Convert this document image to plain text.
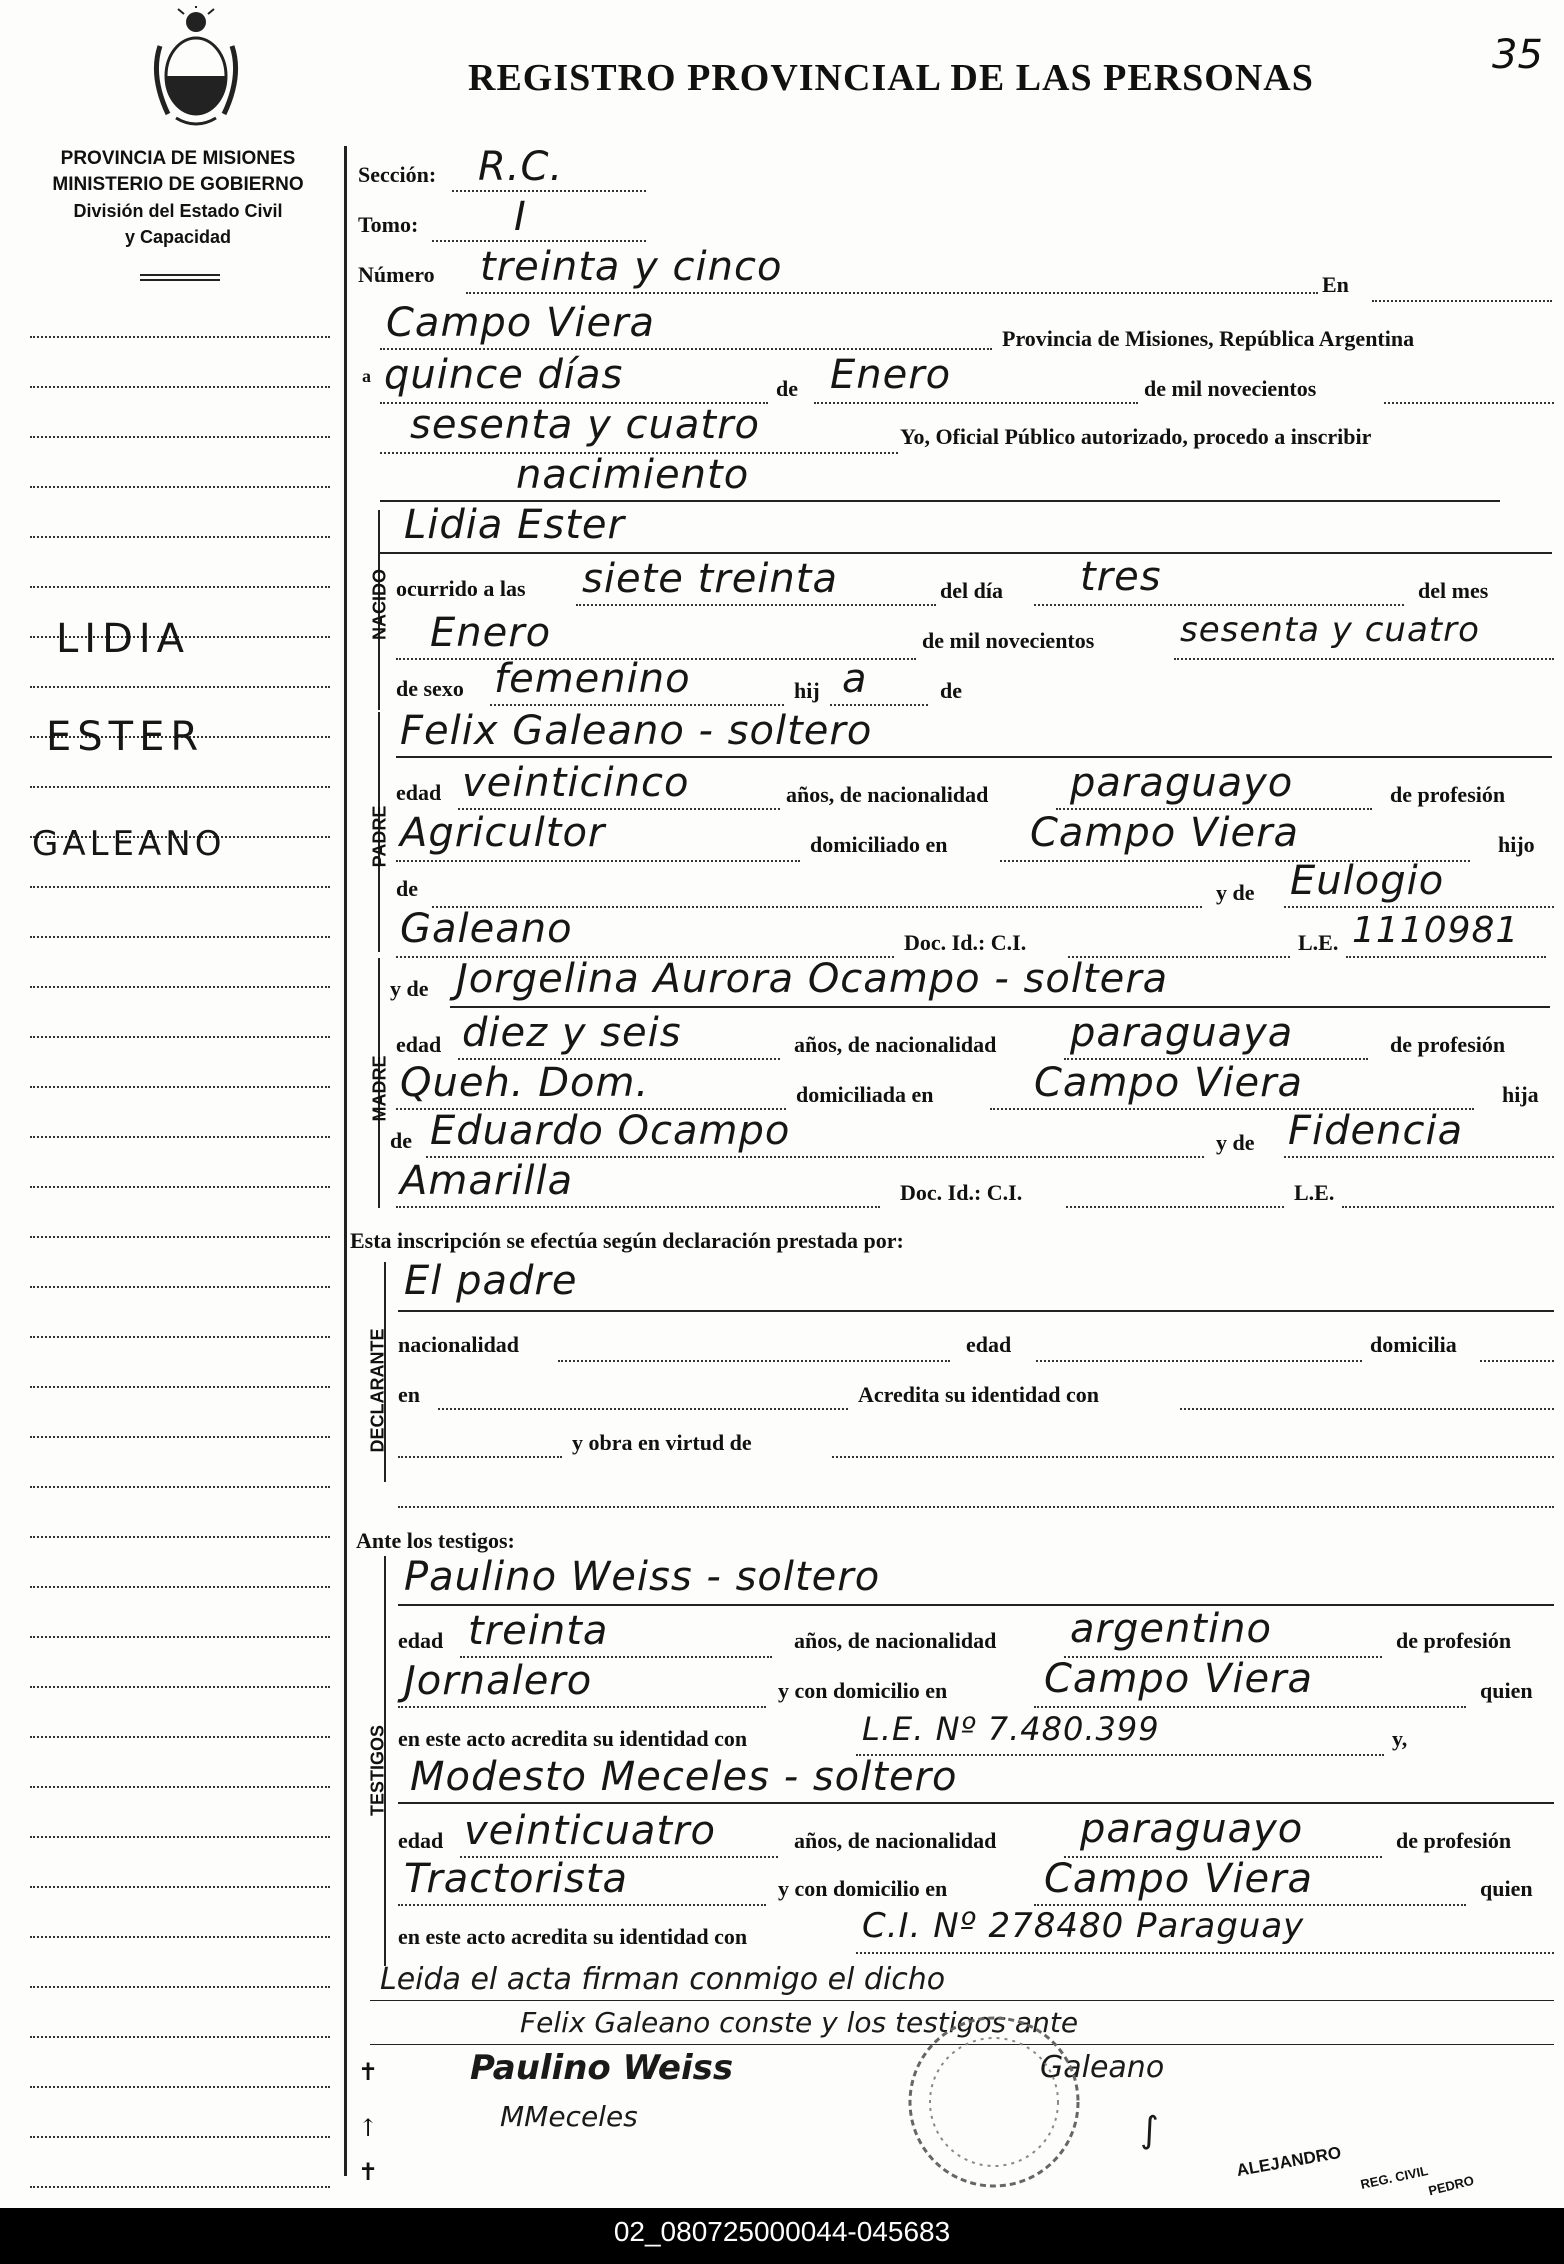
REGISTRO PROVINCIAL DE LAS PERSONAS	35
PROVINCIA DE MISIONES
MINISTERIO DE GOBIERNO
División del Estado Civil
y Capacidad
LIDIA
ESTER
GALEANO
NACIDO
PADRE
MADRE
DECLARANTE
TESTIGOS
Sección: R.C.
Tomo: I
Número treinta y cinco	En
Campo Viera	Provincia de Misiones, República Argentina
a quince días	de Enero	de mil novecientos
sesenta y cuatro	Yo, Oficial Público autorizado, procedo a inscribir
nacimiento
Lidia Ester
ocurrido a las siete treinta	del día tres	del mes
Enero	de mil novecientos	sesenta y cuatro
de sexo femenino	hij a	de
Felix Galeano - soltero
edad veinticinco	años, de nacionalidad paraguayo	de profesión
Agricultor	domiciliado en Campo Viera	hijo
de	y de Eulogio
Galeano	Doc. Id.: C.I.	L.E. 1110981
y de Jorgelina Aurora Ocampo - soltera
edad diez y seis	años, de nacionalidad paraguaya	de profesión
Queh. Dom.	domiciliada en	Campo Viera	hija
de Eduardo Ocampo	y de Fidencia
Amarilla	Doc. Id.: C.I.	L.E.
Esta inscripción se efectúa según declaración prestada por:
El padre
nacionalidad	edad	domicilia
en	Acredita su identidad con
y obra en virtud de
Ante los testigos:
Paulino Weiss - soltero
edad treinta	años, de nacionalidad argentino	de profesión
Jornalero	y con domicilio en Campo Viera	quien
en este acto acredita su identidad con	L.E. Nº 7.480.399	y,
Modesto Meceles - soltero
edad veinticuatro	años, de nacionalidad paraguayo	de profesión
Tractorista	y con domicilio en Campo Viera	quien
en este acto acredita su identidad con	C.I. Nº 278480 Paraguay
Leida el acta firman conmigo el dicho
Felix Galeano conste y los testigos ante
✝	Paulino Weiss	Galeano
↑	MMeceles
✝
∫
ALEJANDRO REG. CIVIL
PEDRO
02_080725000044-045683
